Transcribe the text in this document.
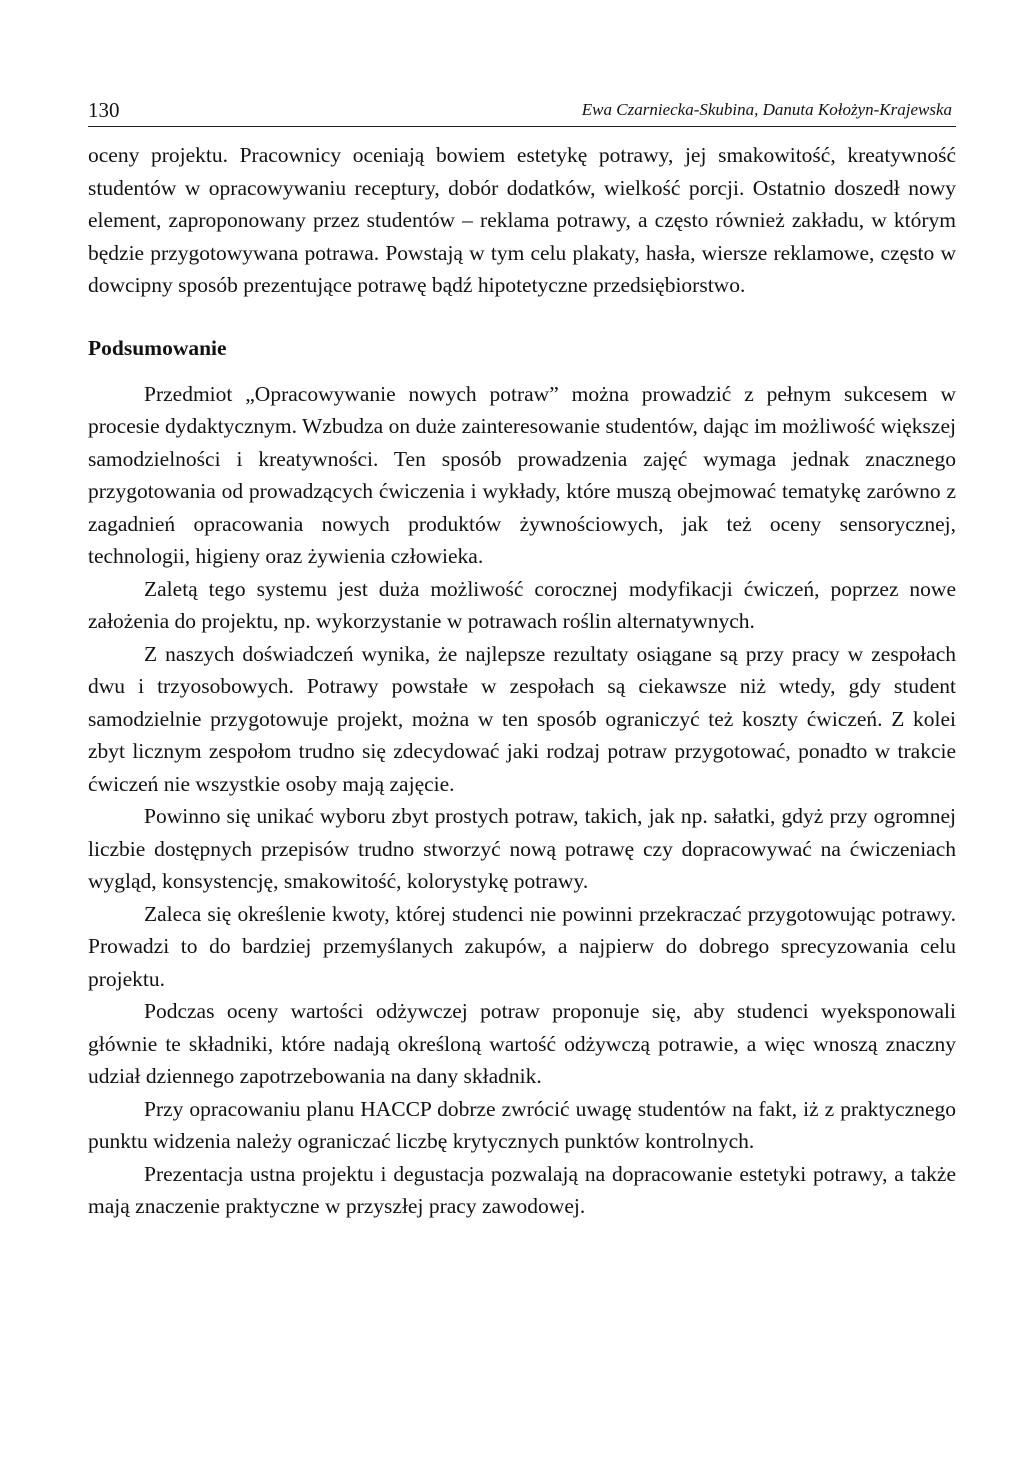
130	Ewa Czarniecka-Skubina, Danuta Kołożyn-Krajewska

oceny projektu. Pracownicy oceniają bowiem estetykę potrawy, jej smakowitość, kreatywność studentów w opracowywaniu receptury, dobór dodatków, wielkość porcji. Ostatnio doszedł nowy element, zaproponowany przez studentów – reklama potrawy, a często również zakładu, w którym będzie przygotowywana potrawa. Powstają w tym celu plakaty, hasła, wiersze reklamowe, często w dowcipny sposób prezentujące potrawę bądź hipotetyczne przedsiębiorstwo.

Podsumowanie

Przedmiot „Opracowywanie nowych potraw” można prowadzić z pełnym sukcesem w procesie dydaktycznym. Wzbudza on duże zainteresowanie studentów, dając im możliwość większej samodzielności i kreatywności. Ten sposób prowadzenia zajęć wymaga jednak znacznego przygotowania od prowadzących ćwiczenia i wykłady, które muszą obejmować tematykę zarówno z zagadnień opracowania nowych produktów żywnościowych, jak też oceny sensorycznej, technologii, higieny oraz żywienia człowieka.

Zaletą tego systemu jest duża możliwość corocznej modyfikacji ćwiczeń, poprzez nowe założenia do projektu, np. wykorzystanie w potrawach roślin alternatywnych.

Z naszych doświadczeń wynika, że najlepsze rezultaty osiągane są przy pracy w zespołach dwu i trzyosobowych. Potrawy powstałe w zespołach są ciekawsze niż wtedy, gdy student samodzielnie przygotowuje projekt, można w ten sposób ograniczyć też koszty ćwiczeń. Z kolei zbyt licznym zespołom trudno się zdecydować jaki rodzaj potraw przygotować, ponadto w trakcie ćwiczeń nie wszystkie osoby mają zajęcie.

Powinno się unikać wyboru zbyt prostych potraw, takich, jak np. sałatki, gdyż przy ogromnej liczbie dostępnych przepisów trudno stworzyć nową potrawę czy dopracowywać na ćwiczeniach wygląd, konsystencję, smakowitość, kolorystykę potrawy.

Zaleca się określenie kwoty, której studenci nie powinni przekraczać przygotowując potrawy. Prowadzi to do bardziej przemyślanych zakupów, a najpierw do dobrego sprecyzowania celu projektu.

Podczas oceny wartości odżywczej potraw proponuje się, aby studenci wyeksponowali głównie te składniki, które nadają określoną wartość odżywczą potrawie, a więc wnoszą znaczny udział dziennego zapotrzebowania na dany składnik.

Przy opracowaniu planu HACCP dobrze zwrócić uwagę studentów na fakt, iż z praktycznego punktu widzenia należy ograniczać liczbę krytycznych punktów kontrolnych.

Prezentacja ustna projektu i degustacja pozwalają na dopracowanie estetyki potrawy, a także mają znaczenie praktyczne w przyszłej pracy zawodowej.
